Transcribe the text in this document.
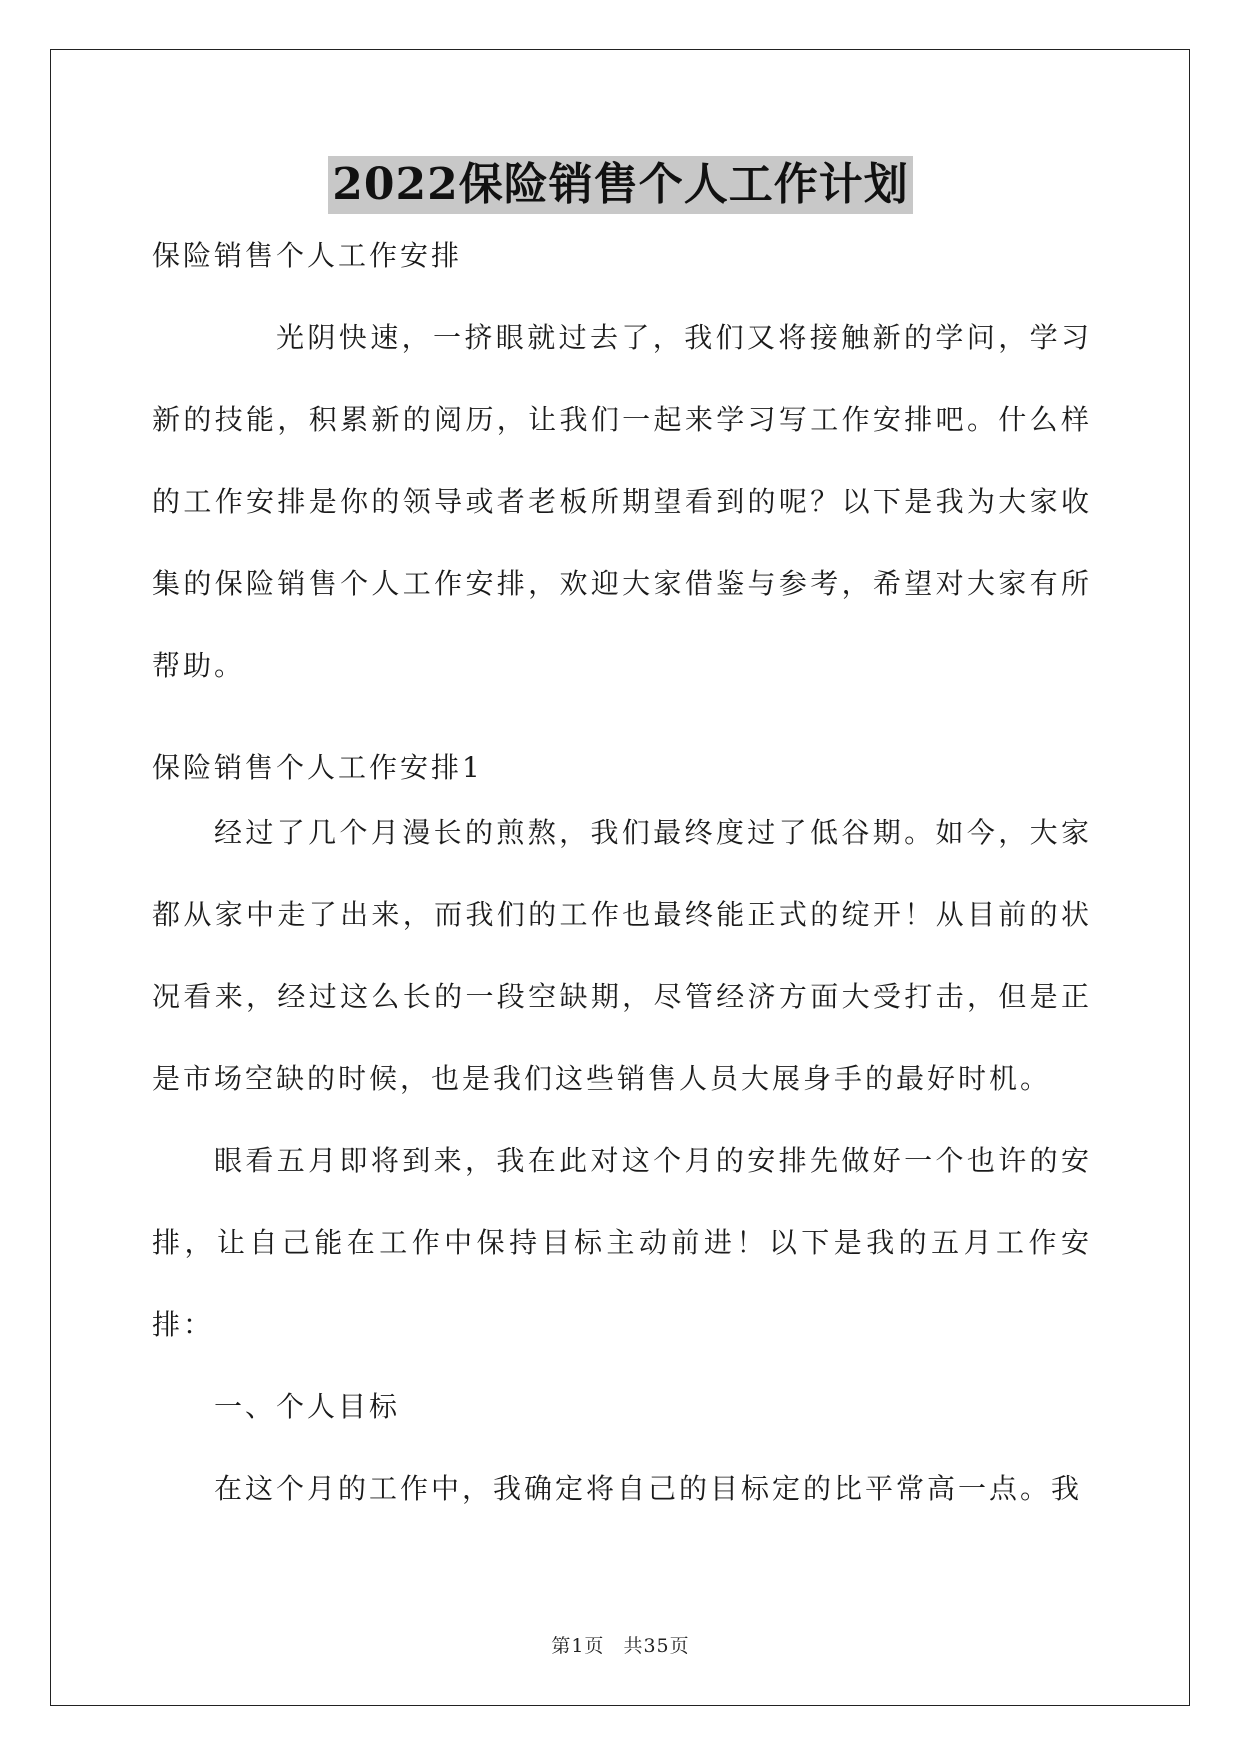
2022保险销售个人工作计划

保险销售个人工作安排

光阴快速，一挤眼就过去了，我们又将接触新的学问，学习新的技能，积累新的阅历，让我们一起来学习写工作安排吧。什么样的工作安排是你的领导或者老板所期望看到的呢？以下是我为大家收集的保险销售个人工作安排，欢迎大家借鉴与参考，希望对大家有所帮助。

保险销售个人工作安排1

经过了几个月漫长的煎熬，我们最终度过了低谷期。如今，大家都从家中走了出来，而我们的工作也最终能正式的绽开！从目前的状况看来，经过这么长的一段空缺期，尽管经济方面大受打击，但是正是市场空缺的时候，也是我们这些销售人员大展身手的最好时机。

眼看五月即将到来，我在此对这个月的安排先做好一个也许的安排，让自己能在工作中保持目标主动前进！以下是我的五月工作安排：

一、个人目标

在这个月的工作中，我确定将自己的目标定的比平常高一点。我

第1页 共35页
